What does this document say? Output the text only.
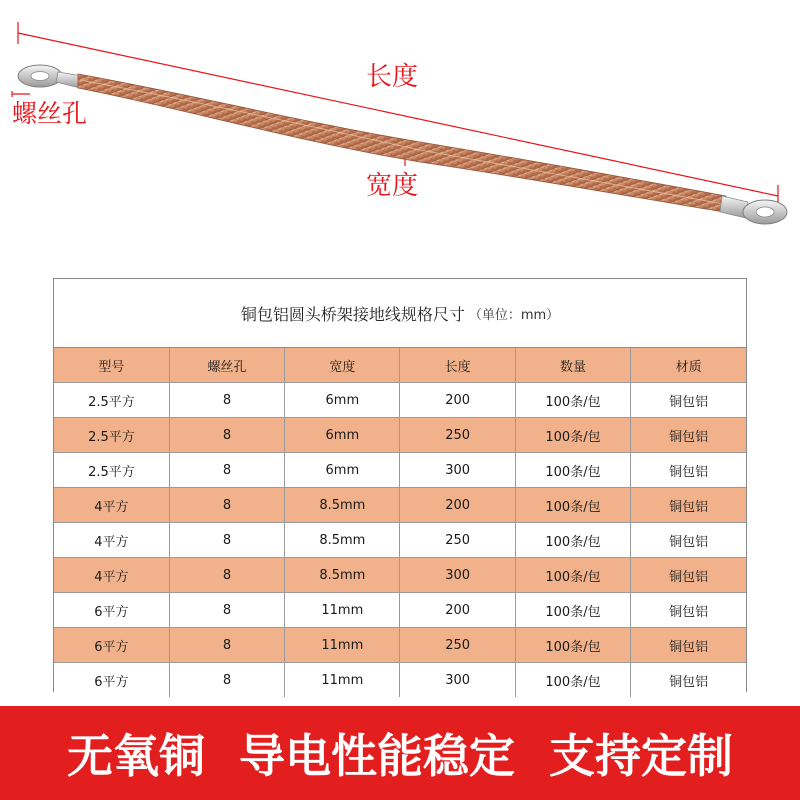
螺丝孔
长度
宽度
铜包铝圆头桥架接地线规格尺寸 （单位：mm）
型号	螺丝孔	宽度	长度	数量	材质
2.5平方	8	6mm	200	100条/包	铜包铝
2.5平方	8	6mm	250	100条/包	铜包铝
2.5平方	8	6mm	300	100条/包	铜包铝
4平方	8	8.5mm	200	100条/包	铜包铝
4平方	8	8.5mm	250	100条/包	铜包铝
4平方	8	8.5mm	300	100条/包	铜包铝
6平方	8	11mm	200	100条/包	铜包铝
6平方	8	11mm	250	100条/包	铜包铝
6平方	8	11mm	300	100条/包	铜包铝
无氧铜 导电性能稳定 支持定制
